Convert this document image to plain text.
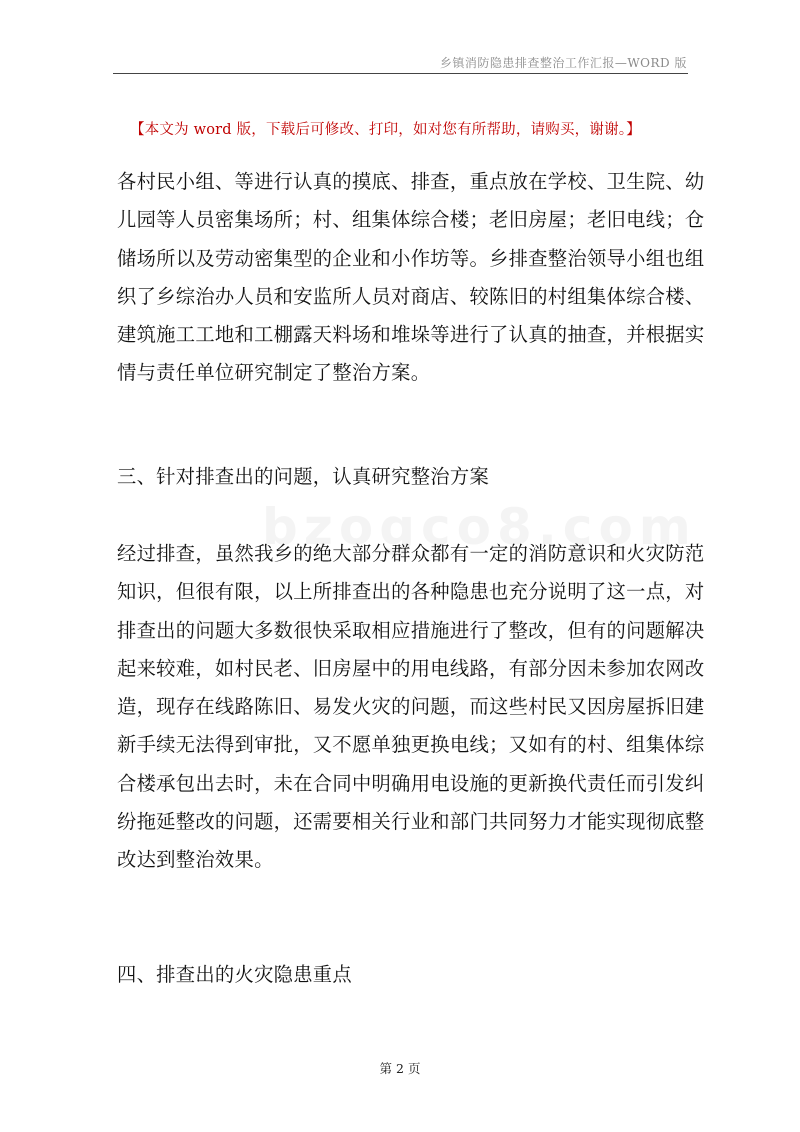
乡镇消防隐患排查整治工作汇报—WORD 版
【本文为 word 版，下载后可修改、打印，如对您有所帮助，请购买，谢谢。】
各村民小组、等进行认真的摸底、排查，重点放在学校、卫生院、幼
儿园等人员密集场所；村、组集体综合楼；老旧房屋；老旧电线；仓
储场所以及劳动密集型的企业和小作坊等。乡排查整治领导小组也组
织了乡综治办人员和安监所人员对商店、较陈旧的村组集体综合楼、
建筑施工工地和工棚露天料场和堆垛等进行了认真的抽查，并根据实
情与责任单位研究制定了整治方案。
三、针对排查出的问题，认真研究整治方案
经过排查，虽然我乡的绝大部分群众都有一定的消防意识和火灾防范
知识，但很有限，以上所排查出的各种隐患也充分说明了这一点，对
排查出的问题大多数很快采取相应措施进行了整改，但有的问题解决
起来较难，如村民老、旧房屋中的用电线路，有部分因未参加农网改
造，现存在线路陈旧、易发火灾的问题，而这些村民又因房屋拆旧建
新手续无法得到审批，又不愿单独更换电线；又如有的村、组集体综
合楼承包出去时，未在合同中明确用电设施的更新换代责任而引发纠
纷拖延整改的问题，还需要相关行业和部门共同努力才能实现彻底整
改达到整治效果。
四、排查出的火灾隐患重点
第 2 页
